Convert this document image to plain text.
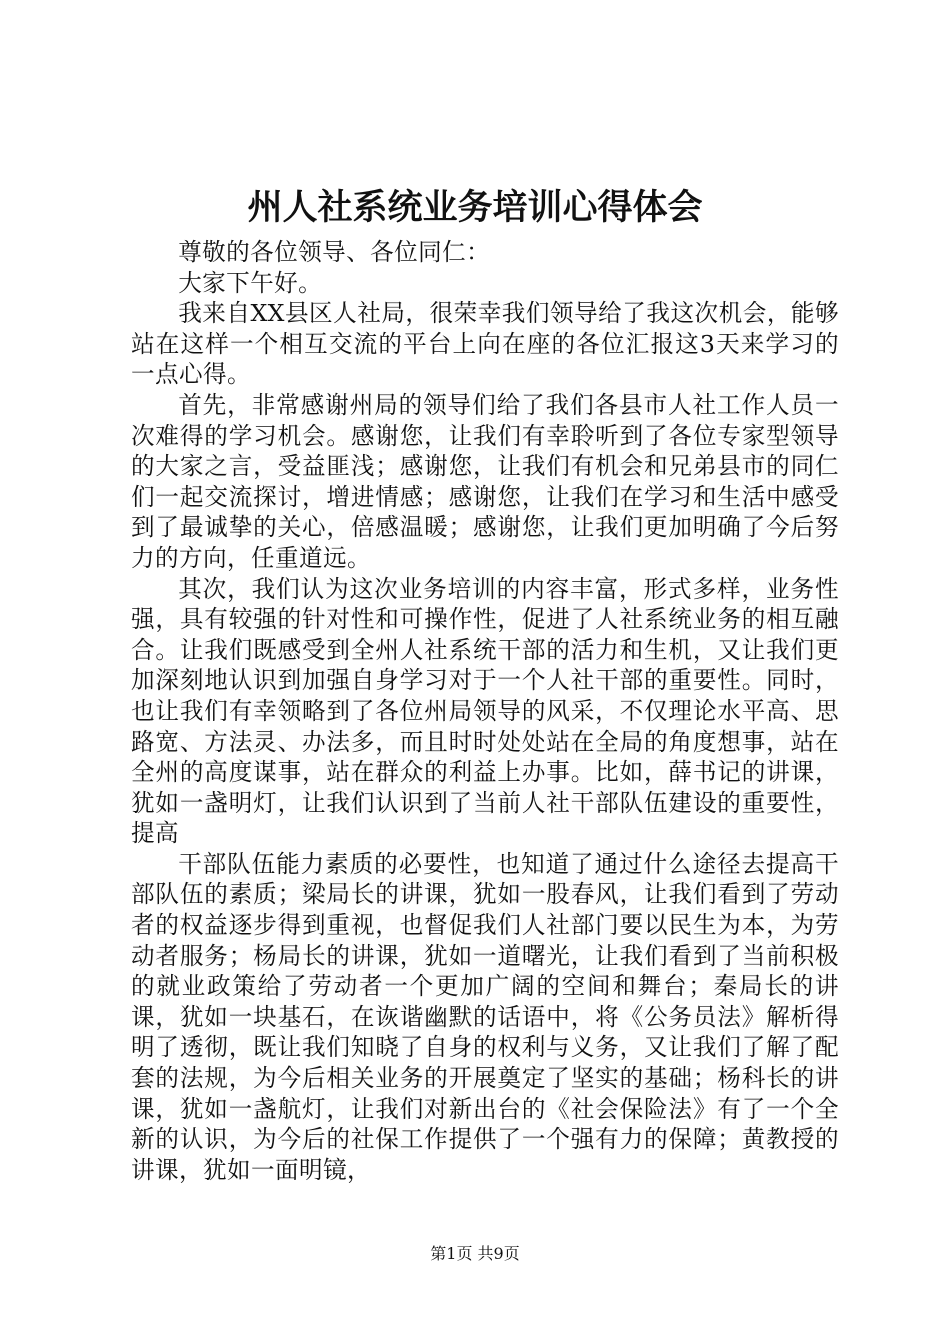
州人社系统业务培训心得体会

尊敬的各位领导、各位同仁：

大家下午好。

我来自XX县区人社局，很荣幸我们领导给了我这次机会，能够站在这样一个相互交流的平台上向在座的各位汇报这3天来学习的一点心得。

首先，非常感谢州局的领导们给了我们各县市人社工作人员一次难得的学习机会。感谢您，让我们有幸聆听到了各位专家型领导的大家之言，受益匪浅；感谢您，让我们有机会和兄弟县市的同仁们一起交流探讨，增进情感；感谢您，让我们在学习和生活中感受到了最诚挚的关心，倍感温暖；感谢您，让我们更加明确了今后努力的方向，任重道远。

其次，我们认为这次业务培训的内容丰富，形式多样，业务性强，具有较强的针对性和可操作性，促进了人社系统业务的相互融合。让我们既感受到全州人社系统干部的活力和生机，又让我们更加深刻地认识到加强自身学习对于一个人社干部的重要性。同时，也让我们有幸领略到了各位州局领导的风采，不仅理论水平高、思路宽、方法灵、办法多，而且时时处处站在全局的角度想事，站在全州的高度谋事，站在群众的利益上办事。比如，薛书记的讲课，犹如一盏明灯，让我们认识到了当前人社干部队伍建设的重要性，提高

干部队伍能力素质的必要性，也知道了通过什么途径去提高干部队伍的素质；梁局长的讲课，犹如一股春风，让我们看到了劳动者的权益逐步得到重视，也督促我们人社部门要以民生为本，为劳动者服务；杨局长的讲课，犹如一道曙光，让我们看到了当前积极的就业政策给了劳动者一个更加广阔的空间和舞台；秦局长的讲课，犹如一块基石，在诙谐幽默的话语中，将《公务员法》解析得明了透彻，既让我们知晓了自身的权利与义务，又让我们了解了配套的法规，为今后相关业务的开展奠定了坚实的基础；杨科长的讲课，犹如一盏航灯，让我们对新出台的《社会保险法》有了一个全新的认识，为今后的社保工作提供了一个强有力的保障；黄教授的讲课，犹如一面明镜，

第1页 共9页
